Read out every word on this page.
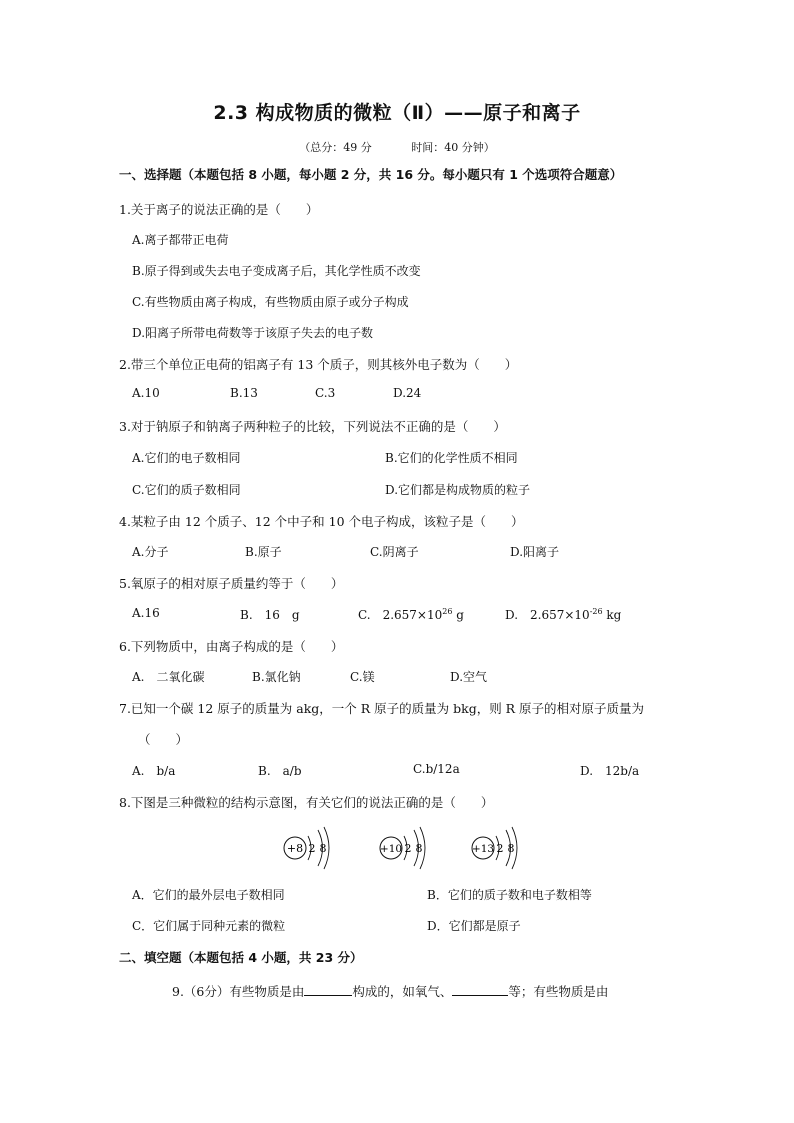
2.3 构成物质的微粒（Ⅱ）——原子和离子
（总分：49 分	时间：40 分钟）
一、选择题（本题包括 8 小题，每小题 2 分，共 16 分。每小题只有 1 个选项符合题意）
1.关于离子的说法正确的是（　　）
A.离子都带正电荷
B.原子得到或失去电子变成离子后，其化学性质不改变
C.有些物质由离子构成，有些物质由原子或分子构成
D.阳离子所带电荷数等于该原子失去的电子数
2.带三个单位正电荷的铝离子有 13 个质子，则其核外电子数为（　　）
A.10	B.13	C.3	D.24
3.对于钠原子和钠离子两种粒子的比较，下列说法不正确的是（　　）
A.它们的电子数相同	B.它们的化学性质不相同
C.它们的质子数相同	D.它们都是构成物质的粒子
4.某粒子由 12 个质子、12 个中子和 10 个电子构成，该粒子是（　　）
A.分子	B.原子	C.阴离子	D.阳离子
5.氧原子的相对原子质量约等于（　　）
A.16	B.　16　g	C.　$2.657\times 10^{26}$ g	D.　$2.657\times 10^{-26}$ kg
6.下列物质中，由离子构成的是（　　）
A.　二氧化碳	B.氯化钠	C.镁	D.空气
7.已知一个碳 12 原子的质量为 akg，一个 R 原子的质量为 bkg，则 R 原子的相对原子质量为
（　　）
A.　b/a	B.　a/b	C.b/12a	D.　12b/a
8.下图是三种微粒的结构示意图，有关它们的说法正确的是（　　）
+8 2 8	+10 2 8	+13 2 8
A．它们的最外层电子数相同	B．它们的质子数和电子数相等
C．它们属于同种元素的微粒	D．它们都是原子
二、填空题（本题包括 4 小题，共 23 分）
9.（6分）有些物质是由	构成的，如氧气、	等；有些物质是由
